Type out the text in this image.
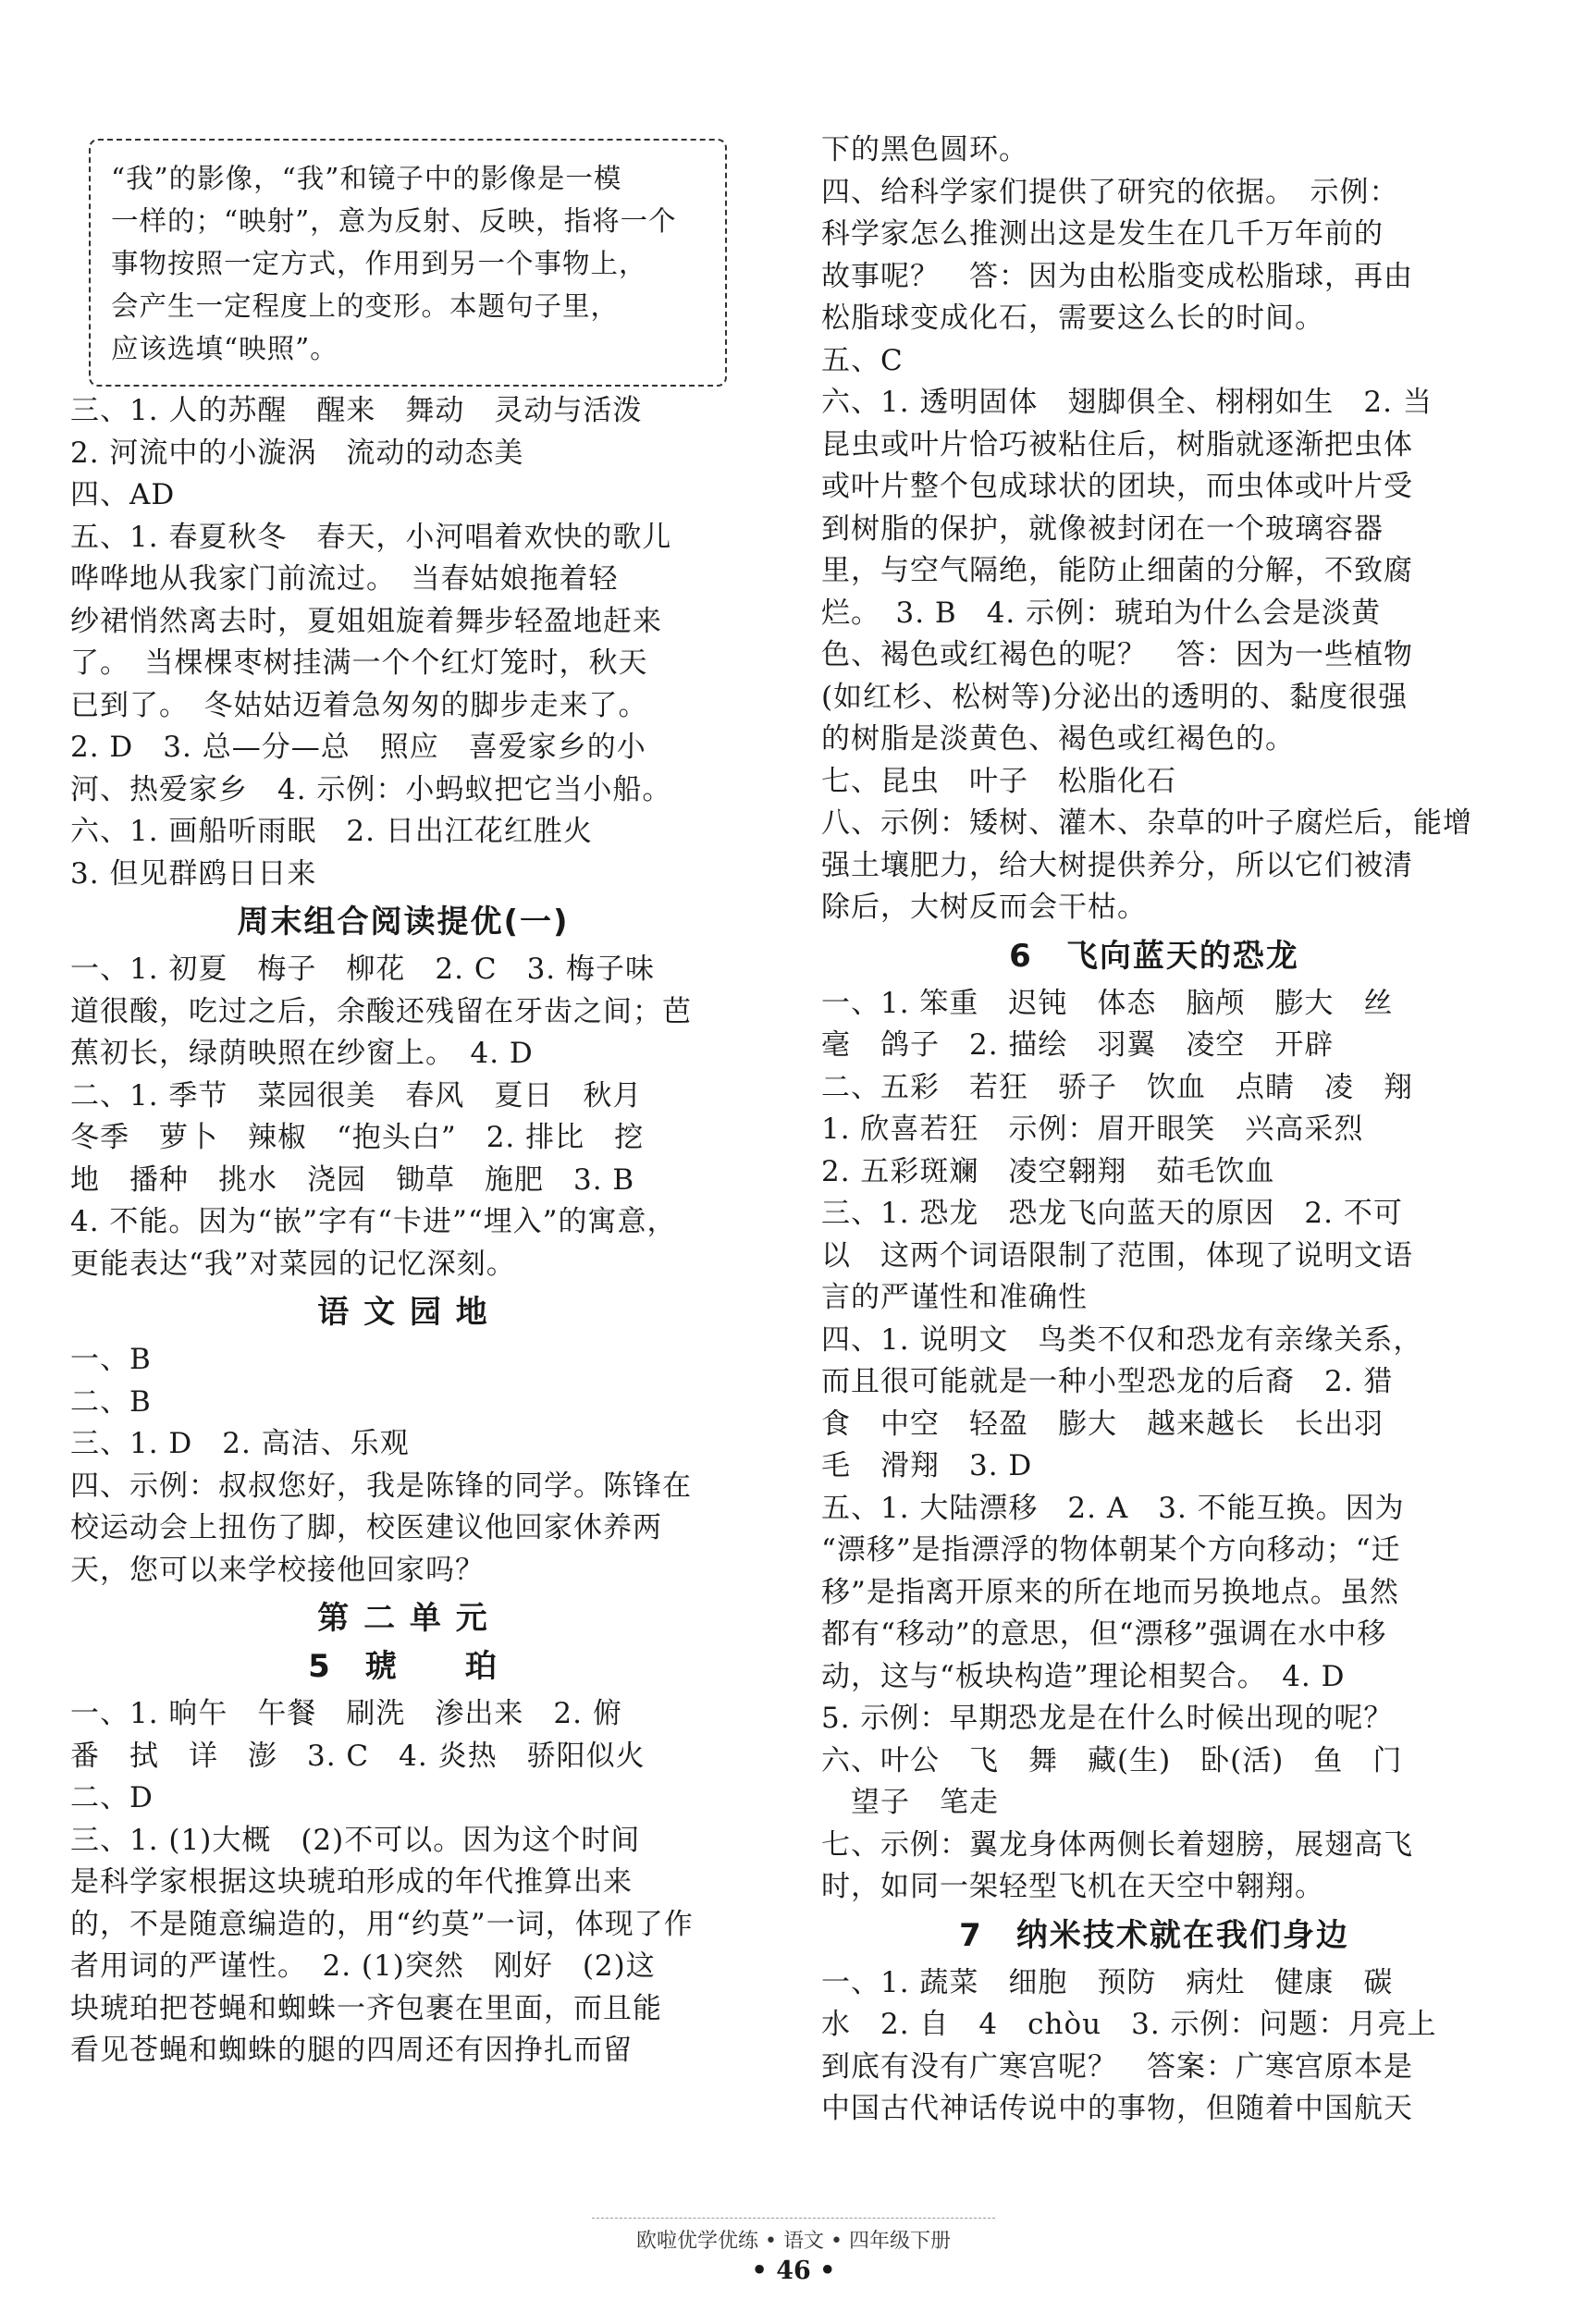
“我”的影像，“我”和镜子中的影像是一模
一样的；“映射”，意为反射、反映，指将一个
事物按照一定方式，作用到另一个事物上，
会产生一定程度上的变形。本题句子里，
应该选填“映照”。
三、1. 人的苏醒　醒来　舞动　灵动与活泼
2. 河流中的小漩涡　流动的动态美
四、AD
五、1. 春夏秋冬　春天，小河唱着欢快的歌儿
哗哗地从我家门前流过。　当春姑娘拖着轻
纱裙悄然离去时，夏姐姐旋着舞步轻盈地赶来
了。　当棵棵枣树挂满一个个红灯笼时，秋天
已到了。　冬姑姑迈着急匆匆的脚步走来了。
2. D　3. 总—分—总　照应　喜爱家乡的小
河、热爱家乡　4. 示例：小蚂蚁把它当小船。
六、1. 画船听雨眠　2. 日出江花红胜火
3. 但见群鸥日日来
周末组合阅读提优(一)
一、1. 初夏　梅子　柳花　2. C　3. 梅子味
道很酸，吃过之后，余酸还残留在牙齿之间；芭
蕉初长，绿荫映照在纱窗上。　4. D
二、1. 季节　菜园很美　春风　夏日　秋月
冬季　萝卜　辣椒　“抱头白”　2. 排比　挖
地　播种　挑水　浇园　锄草　施肥　3. B
4. 不能。因为“嵌”字有“卡进”“埋入”的寓意，
更能表达“我”对菜园的记忆深刻。
语 文 园 地
一、B
二、B
三、1. D　2. 高洁、乐观
四、示例：叔叔您好，我是陈锋的同学。陈锋在
校运动会上扭伤了脚，校医建议他回家休养两
天，您可以来学校接他回家吗？
第 二 单 元
5　琥　　珀
一、1. 晌午　午餐　刷洗　渗出来　2. 俯
番　拭　详　澎　3. C　4. 炎热　骄阳似火
二、D
三、1. (1)大概　(2)不可以。因为这个时间
是科学家根据这块琥珀形成的年代推算出来
的，不是随意编造的，用“约莫”一词，体现了作
者用词的严谨性。　2. (1)突然　刚好　(2)这
块琥珀把苍蝇和蜘蛛一齐包裹在里面，而且能
看见苍蝇和蜘蛛的腿的四周还有因挣扎而留
下的黑色圆环。
四、给科学家们提供了研究的依据。　示例：
科学家怎么推测出这是发生在几千万年前的
故事呢？　答：因为由松脂变成松脂球，再由
松脂球变成化石，需要这么长的时间。
五、C
六、1. 透明固体　翅脚俱全、栩栩如生　2. 当
昆虫或叶片恰巧被粘住后，树脂就逐渐把虫体
或叶片整个包成球状的团块，而虫体或叶片受
到树脂的保护，就像被封闭在一个玻璃容器
里，与空气隔绝，能防止细菌的分解，不致腐
烂。　3. B　4. 示例：琥珀为什么会是淡黄
色、褐色或红褐色的呢？　答：因为一些植物
(如红杉、松树等)分泌出的透明的、黏度很强
的树脂是淡黄色、褐色或红褐色的。
七、昆虫　叶子　松脂化石
八、示例：矮树、灌木、杂草的叶子腐烂后，能增
强土壤肥力，给大树提供养分，所以它们被清
除后，大树反而会干枯。
6　飞向蓝天的恐龙
一、1. 笨重　迟钝　体态　脑颅　膨大　丝
毫　鸽子　2. 描绘　羽翼　凌空　开辟
二、五彩　若狂　骄子　饮血　点睛　凌　翔
1. 欣喜若狂　示例：眉开眼笑　兴高采烈
2. 五彩斑斓　凌空翱翔　茹毛饮血
三、1. 恐龙　恐龙飞向蓝天的原因　2. 不可
以　这两个词语限制了范围，体现了说明文语
言的严谨性和准确性
四、1. 说明文　鸟类不仅和恐龙有亲缘关系，
而且很可能就是一种小型恐龙的后裔　2. 猎
食　中空　轻盈　膨大　越来越长　长出羽
毛　滑翔　3. D
五、1. 大陆漂移　2. A　3. 不能互换。因为
“漂移”是指漂浮的物体朝某个方向移动；“迁
移”是指离开原来的所在地而另换地点。虽然
都有“移动”的意思，但“漂移”强调在水中移
动，这与“板块构造”理论相契合。　4. D
5. 示例：早期恐龙是在什么时候出现的呢？
六、叶公　飞　舞　藏(生)　卧(活)　鱼　门
　望子　笔走
七、示例：翼龙身体两侧长着翅膀，展翅高飞
时，如同一架轻型飞机在天空中翱翔。
7　纳米技术就在我们身边
一、1. 蔬菜　细胞　预防　病灶　健康　碳
水　2. 自　4　chòu　3. 示例：问题：月亮上
到底有没有广寒宫呢？　答案：广寒宫原本是
中国古代神话传说中的事物，但随着中国航天
欧啦优学优练 • 语文 • 四年级下册
• 46 •
